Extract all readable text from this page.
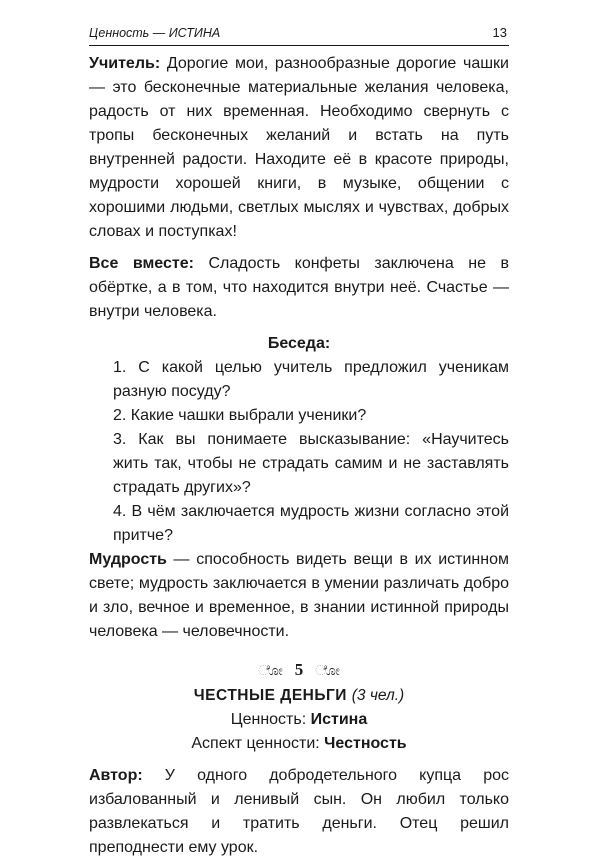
Ценность — ИСТИНА	13

Учитель: Дорогие мои, разнообразные дорогие чашки — это бесконечные материальные желания человека, радость от них временная. Необходимо свернуть с тропы бесконечных желаний и встать на путь внутренней радости. Находите её в красоте природы, мудрости хорошей книги, в музыке, общении с хорошими людьми, светлых мыслях и чувствах, добрых словах и поступках!

Все вместе: Сладость конфеты заключена не в обёртке, а в том, что находится внутри неё. Счастье — внутри человека.

Беседа:

1. С какой целью учитель предложил ученикам разную посуду?

2. Какие чашки выбрали ученики?

3. Как вы понимаете высказывание: «Научитесь жить так, чтобы не страдать самим и не заставлять страдать других»?

4. В чём заключается мудрость жизни согласно этой притче?

Мудрость — способность видеть вещи в их истинном свете; мудрость заключается в умении различать добро и зло, вечное и временное, в знании истинной природы человека — человечности.

ೋ 5 ೋ
ЧЕСТНЫЕ ДЕНЬГИ (3 чел.)
Ценность: Истина
Аспект ценности: Честность

Автор: У одного добродетельного купца рос избалованный и ленивый сын. Он любил только развлекаться и тратить деньги. Отец решил преподнести ему урок.
